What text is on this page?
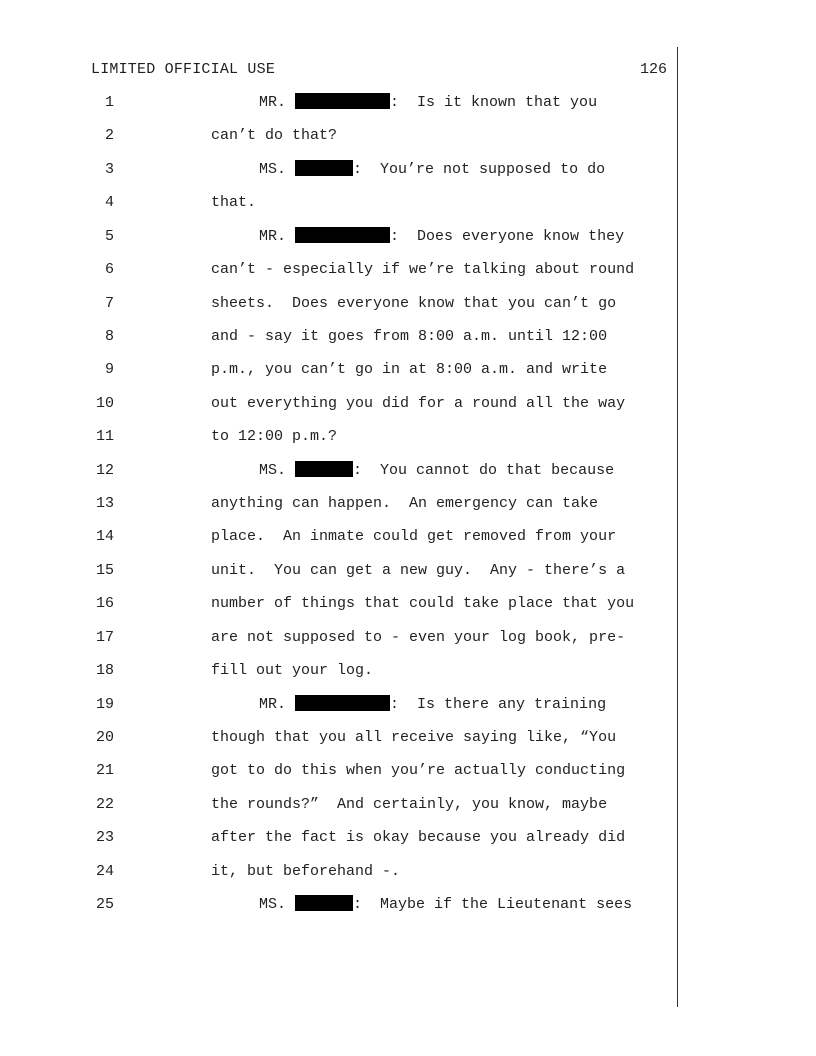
LIMITED OFFICIAL USE	126
1	MR.	:  Is it known that you
2	can’t do that?
3	MS.	:  You’re not supposed to do
4	that.
5	MR.	:  Does everyone know they
6	can’t - especially if we’re talking about round
7	sheets.  Does everyone know that you can’t go
8	and - say it goes from 8:00 a.m. until 12:00
9	p.m., you can’t go in at 8:00 a.m. and write
10	out everything you did for a round all the way
11	to 12:00 p.m.?
12	MS.	:  You cannot do that because
13	anything can happen.  An emergency can take
14	place.  An inmate could get removed from your
15	unit.  You can get a new guy.  Any - there’s a
16	number of things that could take place that you
17	are not supposed to - even your log book, pre-
18	fill out your log.
19	MR.	:  Is there any training
20	though that you all receive saying like, “You
21	got to do this when you’re actually conducting
22	the rounds?”  And certainly, you know, maybe
23	after the fact is okay because you already did
24	it, but beforehand -.
25	MS.	:  Maybe if the Lieutenant sees
